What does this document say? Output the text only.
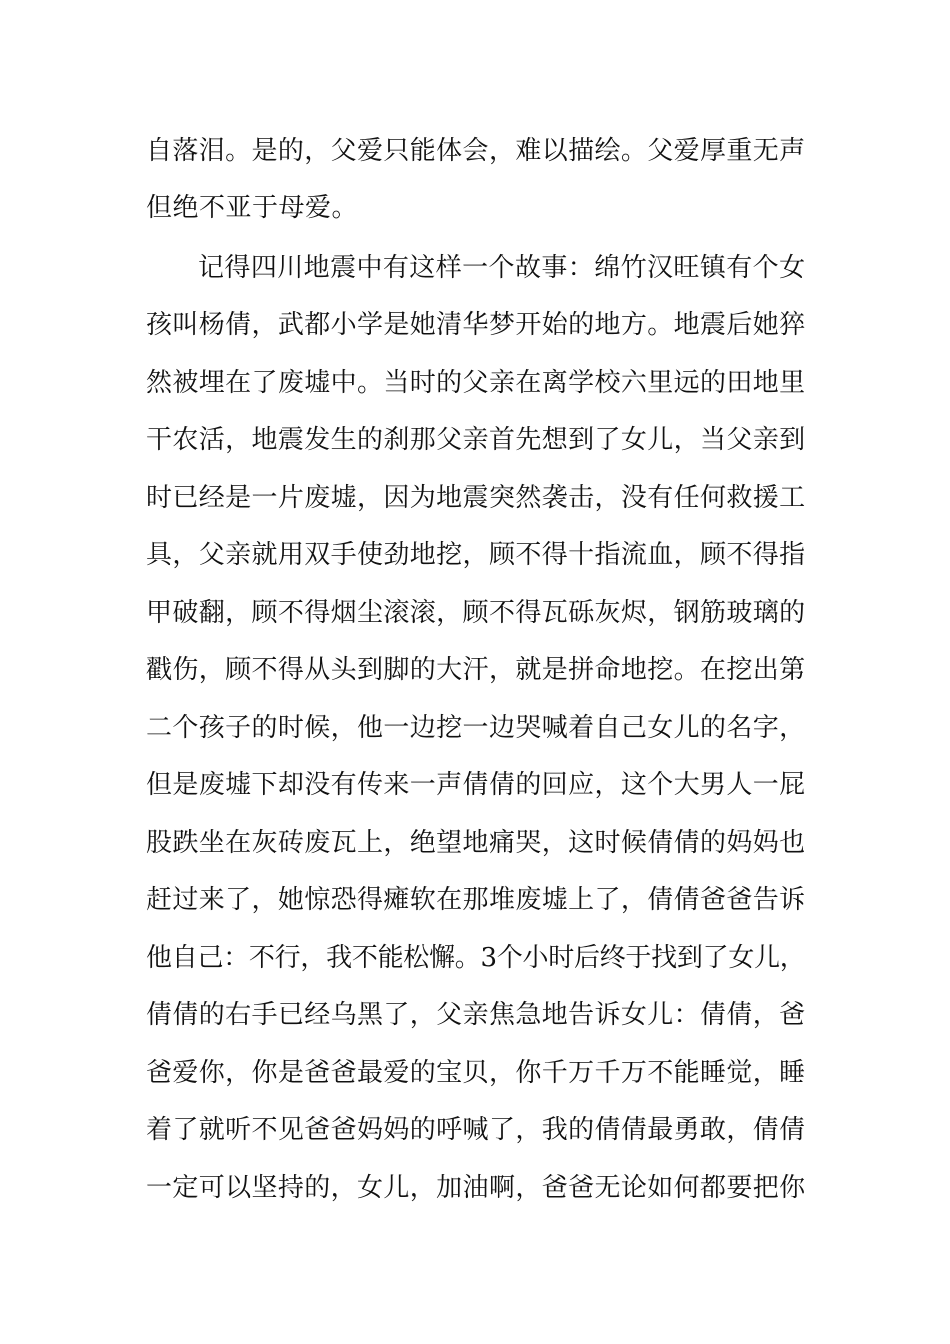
自落泪。是的，父爱只能体会，难以描绘。父爱厚重无声
但绝不亚于母爱。
记得四川地震中有这样一个故事：绵竹汉旺镇有个女
孩叫杨倩，武都小学是她清华梦开始的地方。地震后她猝
然被埋在了废墟中。当时的父亲在离学校六里远的田地里
干农活，地震发生的刹那父亲首先想到了女儿，当父亲到
时已经是一片废墟，因为地震突然袭击，没有任何救援工
具，父亲就用双手使劲地挖，顾不得十指流血，顾不得指
甲破翻，顾不得烟尘滚滚，顾不得瓦砾灰烬，钢筋玻璃的
戳伤，顾不得从头到脚的大汗，就是拼命地挖。在挖出第
二个孩子的时候，他一边挖一边哭喊着自己女儿的名字，
但是废墟下却没有传来一声倩倩的回应，这个大男人一屁
股跌坐在灰砖废瓦上，绝望地痛哭，这时候倩倩的妈妈也
赶过来了，她惊恐得瘫软在那堆废墟上了，倩倩爸爸告诉
他自己：不行，我不能松懈。3个小时后终于找到了女儿，
倩倩的右手已经乌黑了，父亲焦急地告诉女儿：倩倩，爸
爸爱你，你是爸爸最爱的宝贝，你千万千万不能睡觉，睡
着了就听不见爸爸妈妈的呼喊了，我的倩倩最勇敢，倩倩
一定可以坚持的，女儿，加油啊，爸爸无论如何都要把你
